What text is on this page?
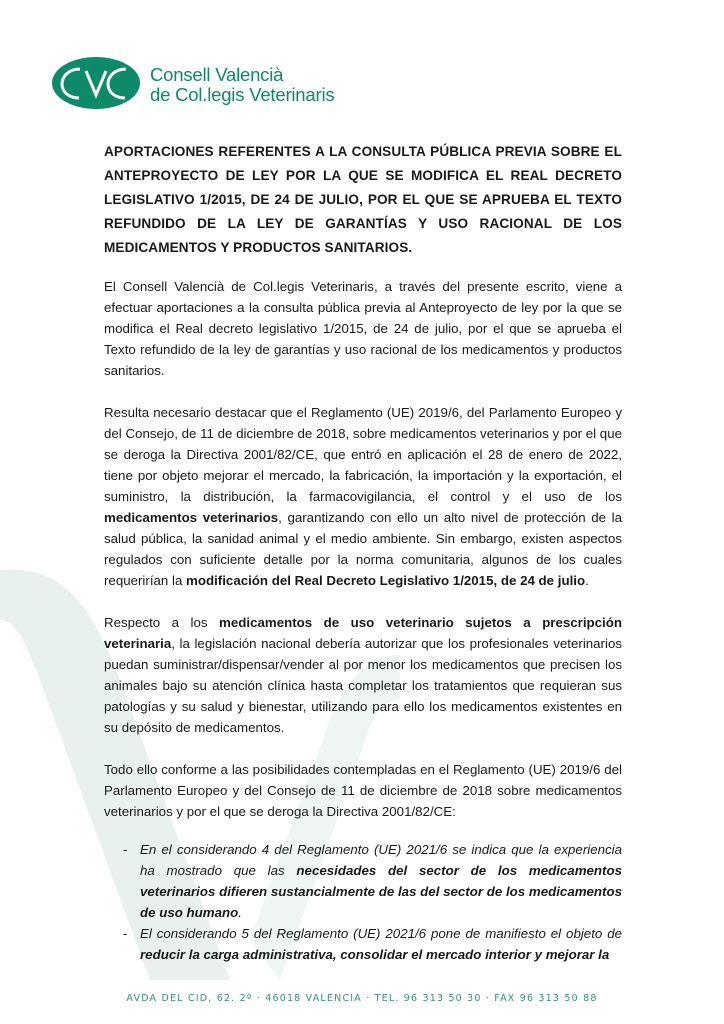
Consell Valencià
de Col.legis Veterinaris

APORTACIONES REFERENTES A LA CONSULTA PÚBLICA PREVIA SOBRE EL ANTEPROYECTO DE LEY POR LA QUE SE MODIFICA EL REAL DECRETO LEGISLATIVO 1/2015, DE 24 DE JULIO, POR EL QUE SE APRUEBA EL TEXTO REFUNDIDO DE LA LEY DE GARANTÍAS Y USO RACIONAL DE LOS MEDICAMENTOS Y PRODUCTOS SANITARIOS.

El Consell Valencià de Col.legis Veterinaris, a través del presente escrito, viene a efectuar aportaciones a la consulta pública previa al Anteproyecto de ley por la que se modifica el Real decreto legislativo 1/2015, de 24 de julio, por el que se aprueba el Texto refundido de la ley de garantías y uso racional de los medicamentos y productos sanitarios.

Resulta necesario destacar que el Reglamento (UE) 2019/6, del Parlamento Europeo y del Consejo, de 11 de diciembre de 2018, sobre medicamentos veterinarios y por el que se deroga la Directiva 2001/82/CE, que entró en aplicación el 28 de enero de 2022, tiene por objeto mejorar el mercado, la fabricación, la importación y la exportación, el suministro, la distribución, la farmacovigilancia, el control y el uso de los medicamentos veterinarios, garantizando con ello un alto nivel de protección de la salud pública, la sanidad animal y el medio ambiente. Sin embargo, existen aspectos regulados con suficiente detalle por la norma comunitaria, algunos de los cuales requerirían la modificación del Real Decreto Legislativo 1/2015, de 24 de julio.

Respecto a los medicamentos de uso veterinario sujetos a prescripción veterinaria, la legislación nacional debería autorizar que los profesionales veterinarios puedan suministrar/dispensar/vender al por menor los medicamentos que precisen los animales bajo su atención clínica hasta completar los tratamientos que requieran sus patologías y su salud y bienestar, utilizando para ello los medicamentos existentes en su depósito de medicamentos.

Todo ello conforme a las posibilidades contempladas en el Reglamento (UE) 2019/6 del Parlamento Europeo y del Consejo de 11 de diciembre de 2018 sobre medicamentos veterinarios y por el que se deroga la Directiva 2001/82/CE:

- En el considerando 4 del Reglamento (UE) 2021/6 se indica que la experiencia ha mostrado que las necesidades del sector de los medicamentos veterinarios difieren sustancialmente de las del sector de los medicamentos de uso humano.
- El considerando 5 del Reglamento (UE) 2021/6 pone de manifiesto el objeto de reducir la carga administrativa, consolidar el mercado interior y mejorar la
AVDA DEL CID, 62. 2º · 46018 VALENCIA · TEL. 96 313 50 30 · FAX 96 313 50 88
